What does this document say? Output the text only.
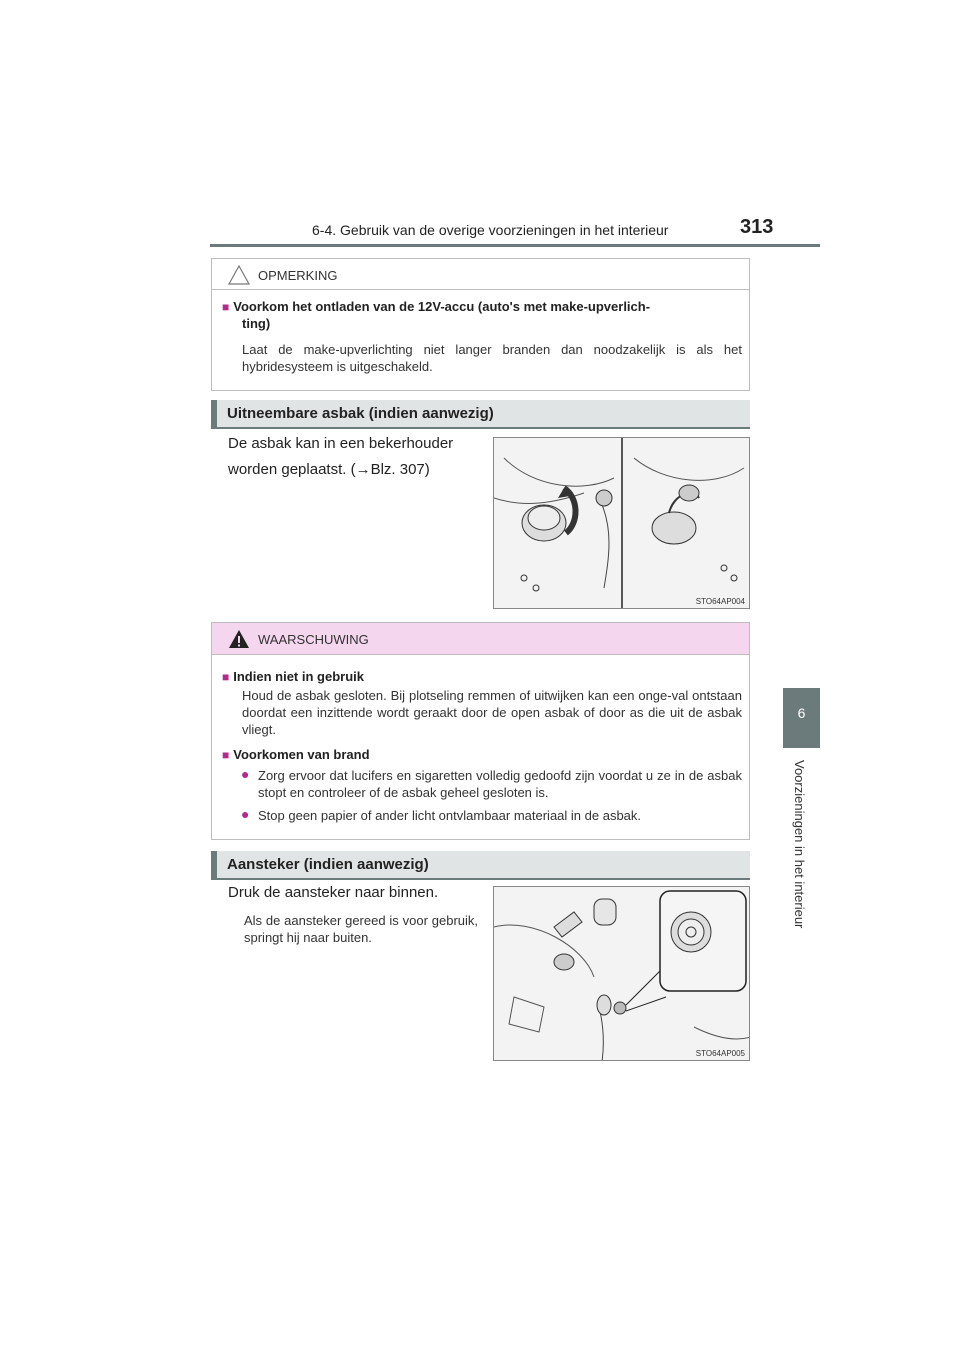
6-4. Gebruik van de overige voorzieningen in het interieur	313
6
Voorzieningen in het interieur
OPMERKING
■ Voorkom het ontladen van de 12V-accu (auto's met make-upverlich-
ting)
Laat de make-upverlichting niet langer branden dan noodzakelijk is als het hybridesysteem is uitgeschakeld.
Uitneembare asbak (indien aanwezig)
De asbak kan in een bekerhouder
worden geplaatst. (→Blz. 307)
STO64AP004
WAARSCHUWING
■ Indien niet in gebruik
Houd de asbak gesloten. Bij plotseling remmen of uitwijken kan een onge-val ontstaan doordat een inzittende wordt geraakt door de open asbak of door as die uit de asbak vliegt.
■ Voorkomen van brand
● Zorg ervoor dat lucifers en sigaretten volledig gedoofd zijn voordat u ze in de asbak stopt en controleer of de asbak geheel gesloten is.
● Stop geen papier of ander licht ontvlambaar materiaal in de asbak.
Aansteker (indien aanwezig)
Druk de aansteker naar binnen.
Als de aansteker gereed is voor gebruik, springt hij naar buiten.
STO64AP005
